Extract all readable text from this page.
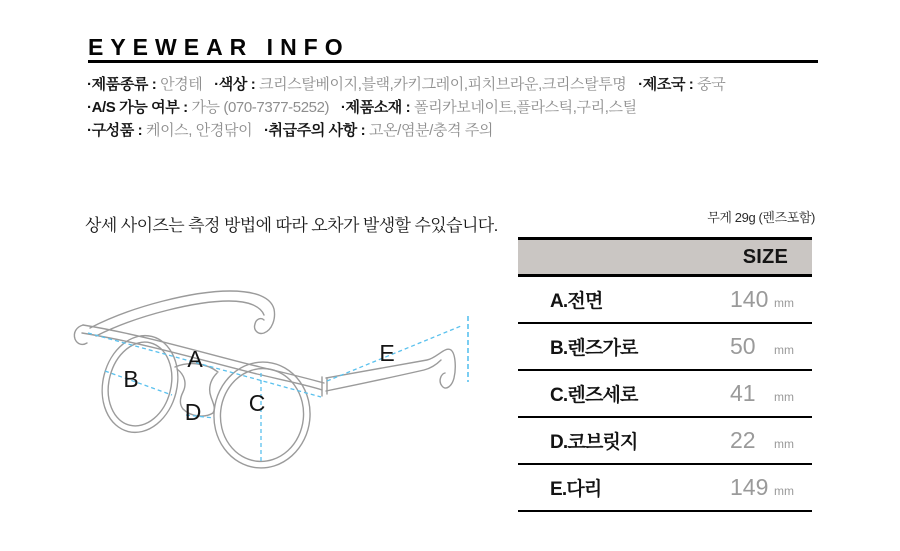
EYEWEAR INFO
·제품종류 : 안경테 ·색상 : 크리스탈베이지,블랙,카키그레이,피치브라운,크리스탈투명 ·제조국 : 중국
·A/S 가능 여부 : 가능 (070-7377-5252) ·제품소재 : 폴리카보네이트,플라스틱,구리,스틸
·구성품 : 케이스, 안경닦이 ·취급주의 사항 : 고온/염분/충격 주의
상세 사이즈는 측정 방법에 따라 오차가 발생할 수있습니다.	무게 29g (렌즈포함)
A
B
C
D
E
SIZE
A.전면	140 mm
B.렌즈가로	50	mm
C.렌즈세로	41	mm
D.코브릿지	22	mm
E.다리	149 mm
